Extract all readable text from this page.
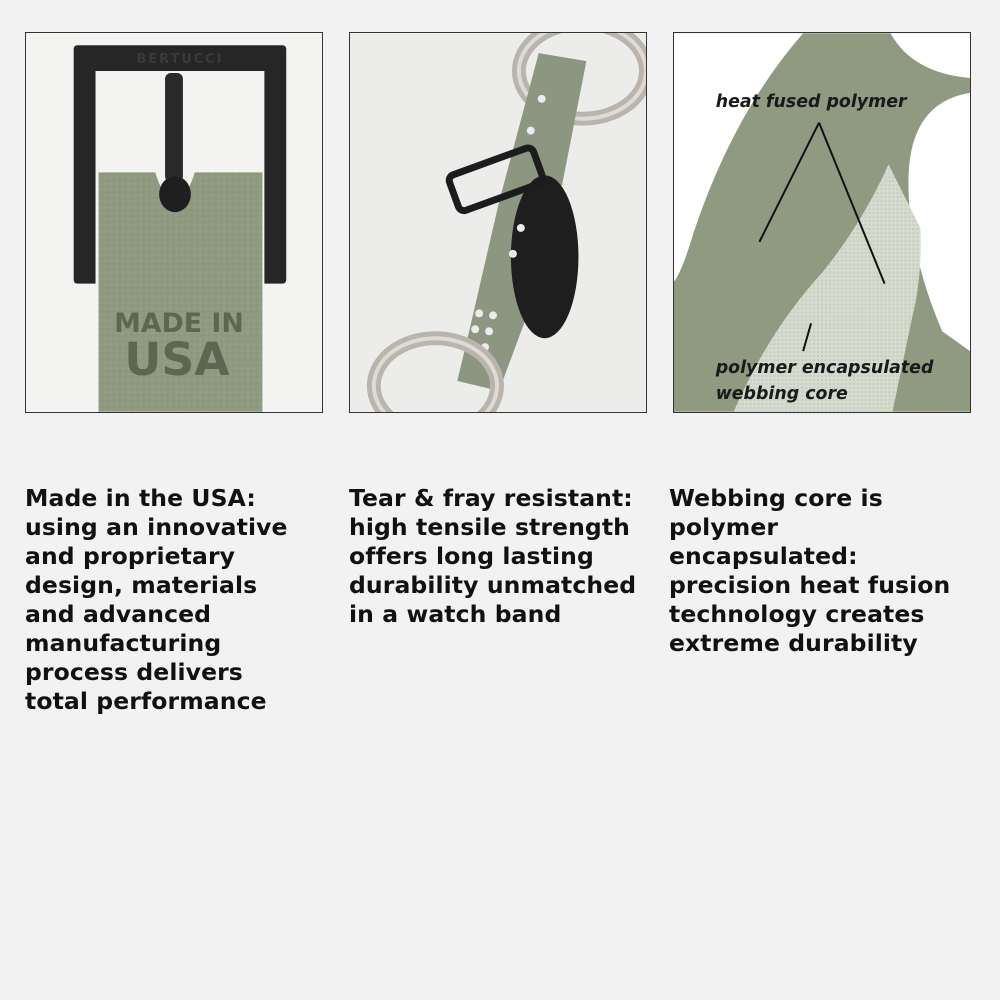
BERTUCCI
MADE IN
USA
heat fused polymer
polymer encapsulated
webbing core
Made in the USA:
using an innovative
and proprietary
design, materials
and advanced
manufacturing
process delivers
total performance
Tear & fray resistant:
high tensile strength
offers long lasting
durability unmatched
in a watch band
Webbing core is
polymer
encapsulated:
precision heat fusion
technology creates
extreme durability
